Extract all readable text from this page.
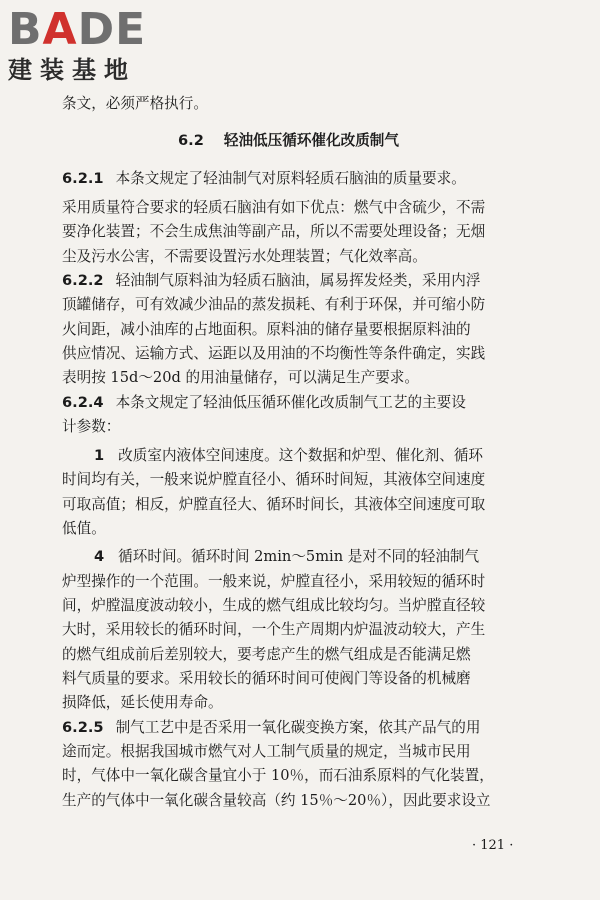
BADE
建装基地
条文，必须严格执行。
6.2 轻油低压循环催化改质制气
6.2.1 本条文规定了轻油制气对原料轻质石脑油的质量要求。
采用质量符合要求的轻质石脑油有如下优点：燃气中含硫少，不需
要净化装置；不会生成焦油等副产品，所以不需要处理设备；无烟
尘及污水公害，不需要设置污水处理装置；气化效率高。
6.2.2 轻油制气原料油为轻质石脑油，属易挥发烃类，采用内浮
顶罐储存，可有效减少油品的蒸发损耗、有利于环保，并可缩小防
火间距，减小油库的占地面积。原料油的储存量要根据原料油的
供应情况、运输方式、运距以及用油的不均衡性等条件确定，实践
表明按 15d～20d 的用油量储存，可以满足生产要求。
6.2.4 本条文规定了轻油低压循环催化改质制气工艺的主要设
计参数：
1 改质室内液体空间速度。这个数据和炉型、催化剂、循环
时间均有关，一般来说炉膛直径小、循环时间短，其液体空间速度
可取高值；相反，炉膛直径大、循环时间长，其液体空间速度可取
低值。
4 循环时间。循环时间 2min～5min 是对不同的轻油制气
炉型操作的一个范围。一般来说，炉膛直径小，采用较短的循环时
间，炉膛温度波动较小，生成的燃气组成比较均匀。当炉膛直径较
大时，采用较长的循环时间，一个生产周期内炉温波动较大，产生
的燃气组成前后差别较大，要考虑产生的燃气组成是否能满足燃
料气质量的要求。采用较长的循环时间可使阀门等设备的机械磨
损降低，延长使用寿命。
6.2.5 制气工艺中是否采用一氧化碳变换方案，依其产品气的用
途而定。根据我国城市燃气对人工制气质量的规定，当城市民用
时，气体中一氧化碳含量宜小于 10％，而石油系原料的气化装置，
生产的气体中一氧化碳含量较高（约 15％～20％），因此要求设立
· 121 ·
